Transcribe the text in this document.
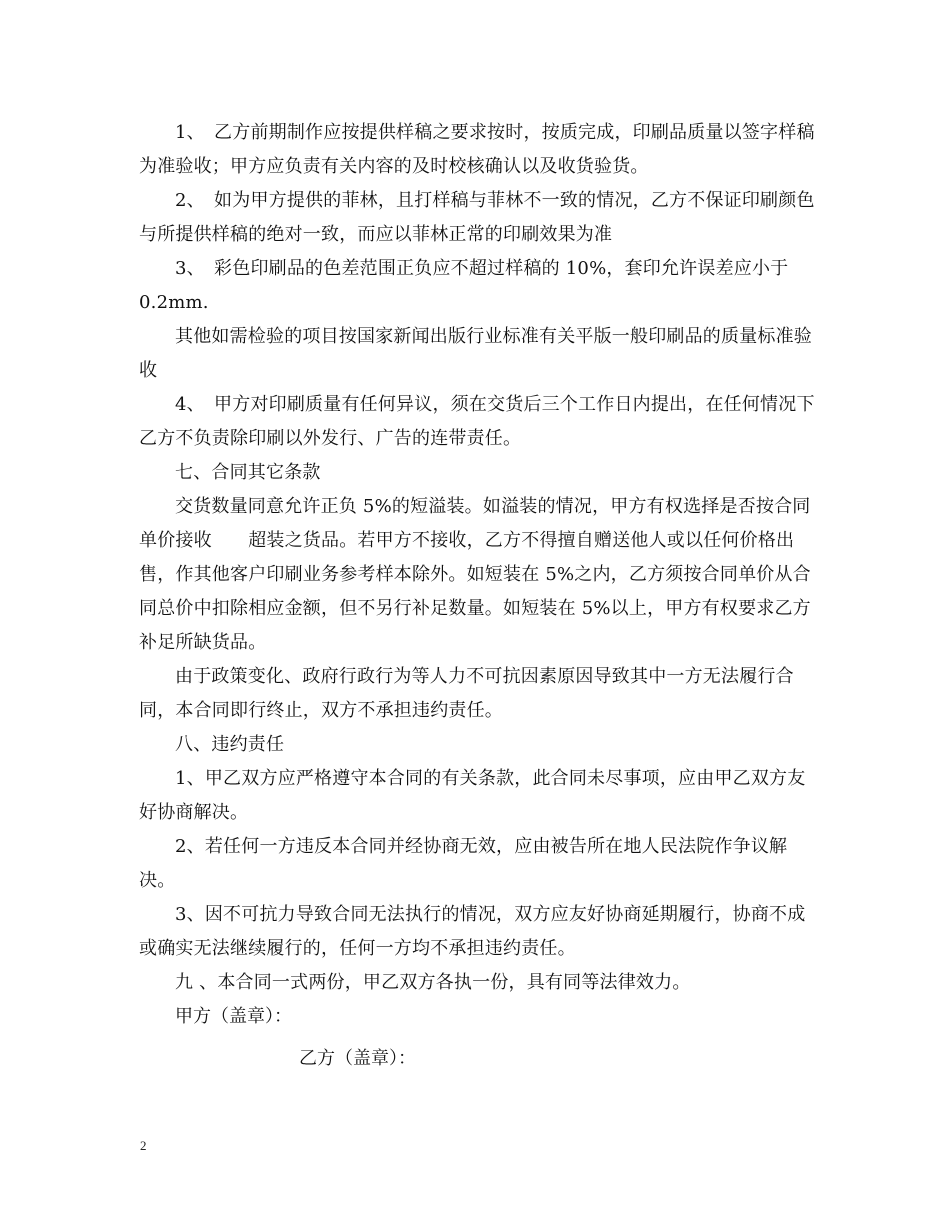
1、　乙方前期制作应按提供样稿之要求按时，按质完成，印刷品质量以签字样稿为准验收；甲方应负责有关内容的及时校核确认以及收货验货。

2、　如为甲方提供的菲林，且打样稿与菲林不一致的情况，乙方不保证印刷颜色与所提供样稿的绝对一致，而应以菲林正常的印刷效果为准

3、　彩色印刷品的色差范围正负应不超过样稿的 10%，套印允许误差应小于 0.2mm.

其他如需检验的项目按国家新闻出版行业标准有关平版一般印刷品的质量标准验收

4、　甲方对印刷质量有任何异议，须在交货后三个工作日内提出，在任何情况下乙方不负责除印刷以外发行、广告的连带责任。

七、合同其它条款

交货数量同意允许正负 5%的短溢装。如溢装的情况，甲方有权选择是否按合同单价接收　　超装之货品。若甲方不接收，乙方不得擅自赠送他人或以任何价格出售，作其他客户印刷业务参考样本除外。如短装在 5%之内，乙方须按合同单价从合同总价中扣除相应金额，但不另行补足数量。如短装在 5%以上，甲方有权要求乙方补足所缺货品。

由于政策变化、政府行政行为等人力不可抗因素原因导致其中一方无法履行合同，本合同即行终止，双方不承担违约责任。

八、违约责任

1、甲乙双方应严格遵守本合同的有关条款，此合同未尽事项，应由甲乙双方友好协商解决。

2、若任何一方违反本合同并经协商无效，应由被告所在地人民法院作争议解决。

3、因不可抗力导致合同无法执行的情况，双方应友好协商延期履行，协商不成或确实无法继续履行的，任何一方均不承担违约责任。

九 、本合同一式两份，甲乙双方各执一份，具有同等法律效力。

甲方（盖章）：
乙方（盖章）：
2
